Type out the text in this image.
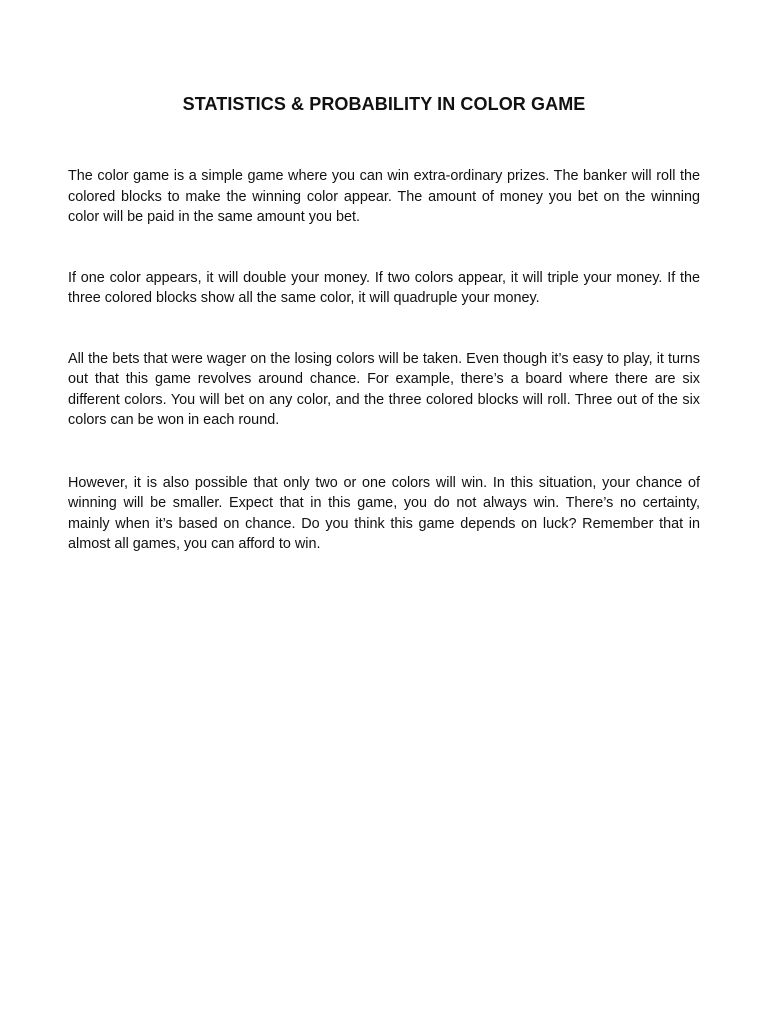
STATISTICS & PROBABILITY IN COLOR GAME

The color game is a simple game where you can win extra-ordinary prizes. The banker will roll the colored blocks to make the winning color appear. The amount of money you bet on the winning color will be paid in the same amount you bet.

If one color appears, it will double your money. If two colors appear, it will triple your money. If the three colored blocks show all the same color, it will quadruple your money.

All the bets that were wager on the losing colors will be taken. Even though it’s easy to play, it turns out that this game revolves around chance. For example, there’s a board where there are six different colors. You will bet on any color, and the three colored blocks will roll. Three out of the six colors can be won in each round.

However, it is also possible that only two or one colors will win. In this situation, your chance of winning will be smaller. Expect that in this game, you do not always win. There’s no certainty, mainly when it’s based on chance. Do you think this game depends on luck? Remember that in almost all games, you can afford to win.
